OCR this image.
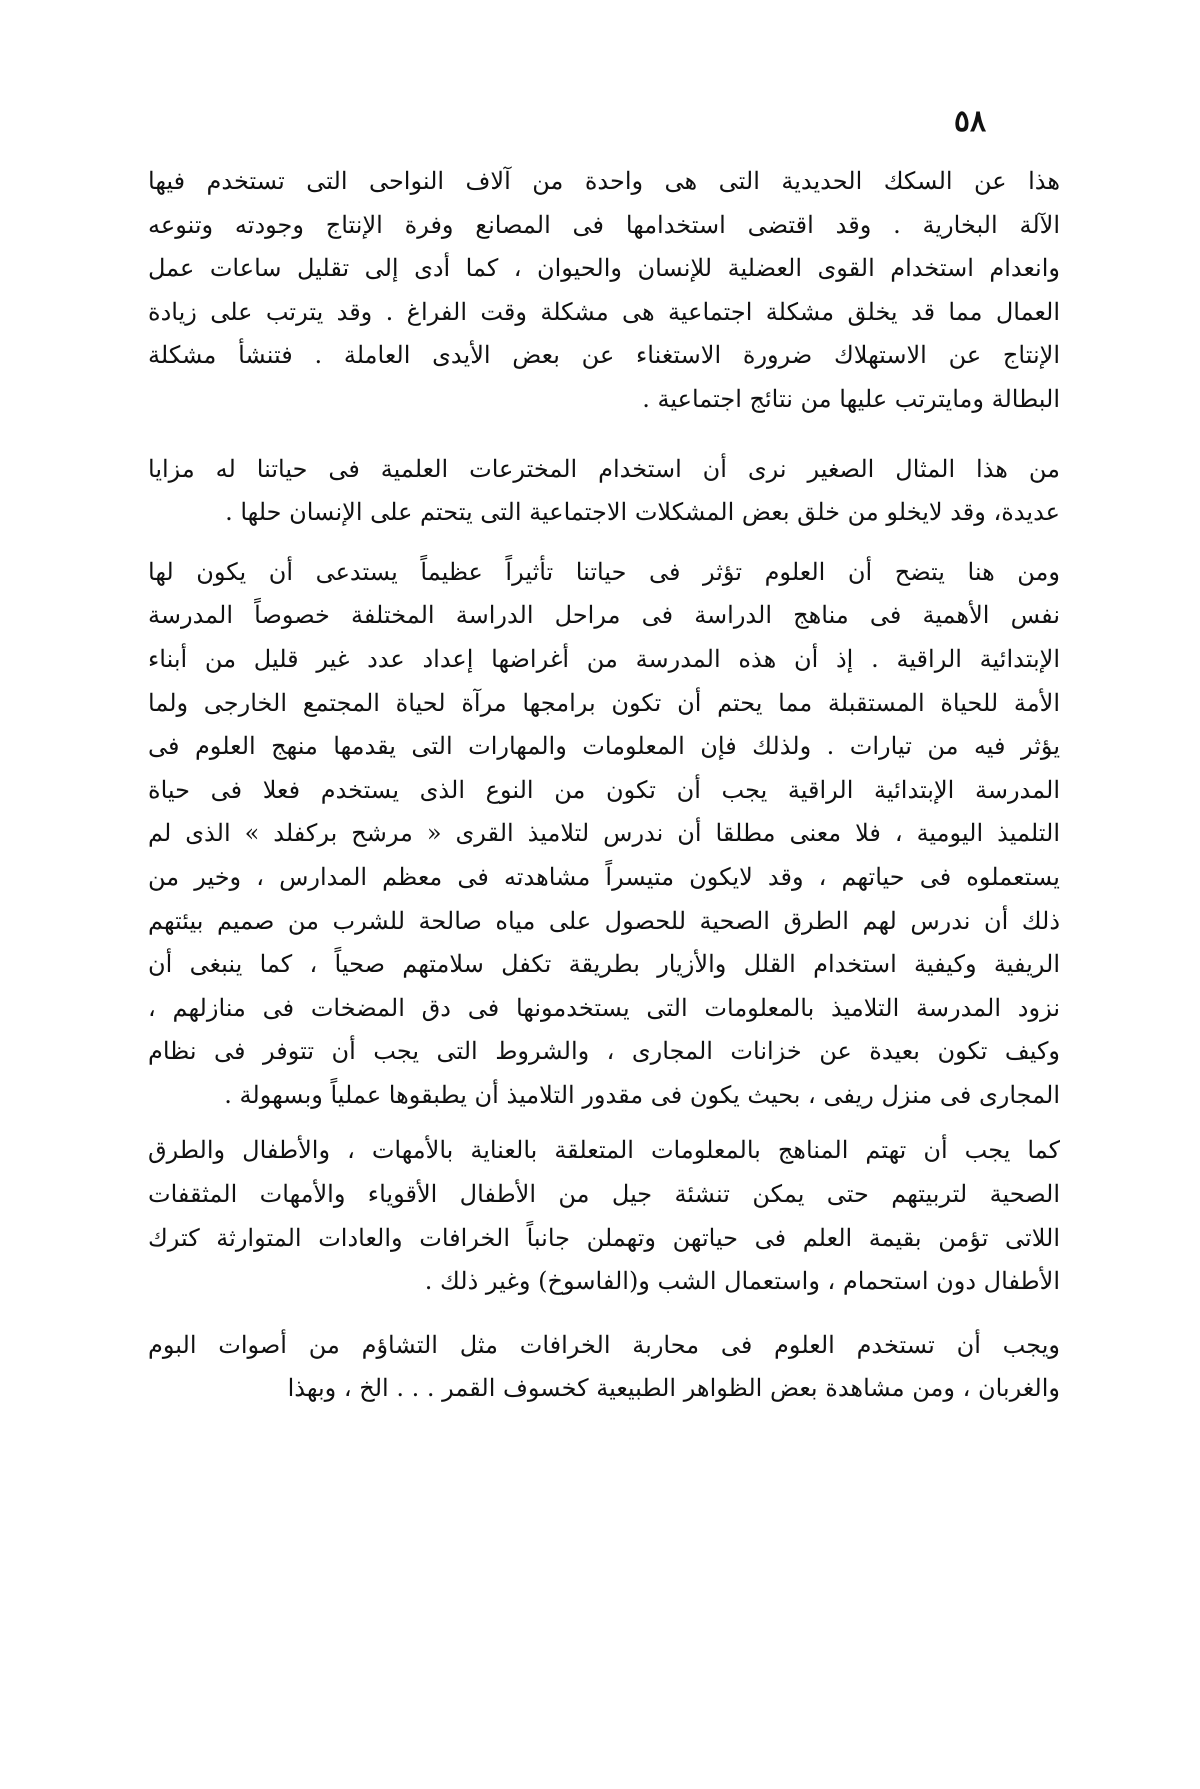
٥٨
هذا عن السكك الحديدية التى هى واحدة من آلاف النواحى التى تستخدم فيها
الآلة البخارية . وقد اقتضى استخدامها فى المصانع وفرة الإنتاج وجودته وتنوعه
وانعدام استخدام القوى العضلية للإنسان والحيوان ، كما أدى إلى تقليل ساعات عمل
العمال مما قد يخلق مشكلة اجتماعية هى مشكلة وقت الفراغ . وقد يترتب على زيادة
الإنتاج عن الاستهلاك ضرورة الاستغناء عن بعض الأيدى العاملة . فتنشأ مشكلة
البطالة ومايترتب عليها من نتائج اجتماعية .
من هذا المثال الصغير نرى أن استخدام المخترعات العلمية فى حياتنا له مزايا
عديدة، وقد لايخلو من خلق بعض المشكلات الاجتماعية التى يتحتم على الإنسان حلها .
ومن هنا يتضح أن العلوم تؤثر فى حياتنا تأثيراً عظيماً يستدعى أن يكون لها
نفس الأهمية فى مناهج الدراسة فى مراحل الدراسة المختلفة خصوصاً المدرسة
الإبتدائية الراقية . إذ أن هذه المدرسة من أغراضها إعداد عدد غير قليل من أبناء
الأمة للحياة المستقبلة مما يحتم أن تكون برامجها مرآة لحياة المجتمع الخارجى ولما
يؤثر فيه من تيارات . ولذلك فإن المعلومات والمهارات التى يقدمها منهج العلوم فى
المدرسة الإبتدائية الراقية يجب أن تكون من النوع الذى يستخدم فعلا فى حياة
التلميذ اليومية ، فلا معنى مطلقا أن ندرس لتلاميذ القرى « مرشح بركفلد » الذى لم
يستعملوه فى حياتهم ، وقد لايكون متيسراً مشاهدته فى معظم المدارس ، وخير من
ذلك أن ندرس لهم الطرق الصحية للحصول على مياه صالحة للشرب من صميم بيئتهم
الريفية وكيفية استخدام القلل والأزيار بطريقة تكفل سلامتهم صحياً ، كما ينبغى أن
نزود المدرسة التلاميذ بالمعلومات التى يستخدمونها فى دق المضخات فى منازلهم ،
وكيف تكون بعيدة عن خزانات المجارى ، والشروط التى يجب أن تتوفر فى نظام
المجارى فى منزل ريفى ، بحيث يكون فى مقدور التلاميذ أن يطبقوها عملياً وبسهولة .
كما يجب أن تهتم المناهج بالمعلومات المتعلقة بالعناية بالأمهات ، والأطفال والطرق
الصحية لتربيتهم حتى يمكن تنشئة جيل من الأطفال الأقوياء والأمهات المثقفات
اللاتى تؤمن بقيمة العلم فى حياتهن وتهملن جانباً الخرافات والعادات المتوارثة كترك
الأطفال دون استحمام ، واستعمال الشب و(الفاسوخ) وغير ذلك .
ويجب أن تستخدم العلوم فى محاربة الخرافات مثل التشاؤم من أصوات البوم
والغربان ، ومن مشاهدة بعض الظواهر الطبيعية كخسوف القمر . . . الخ ، وبهذا
